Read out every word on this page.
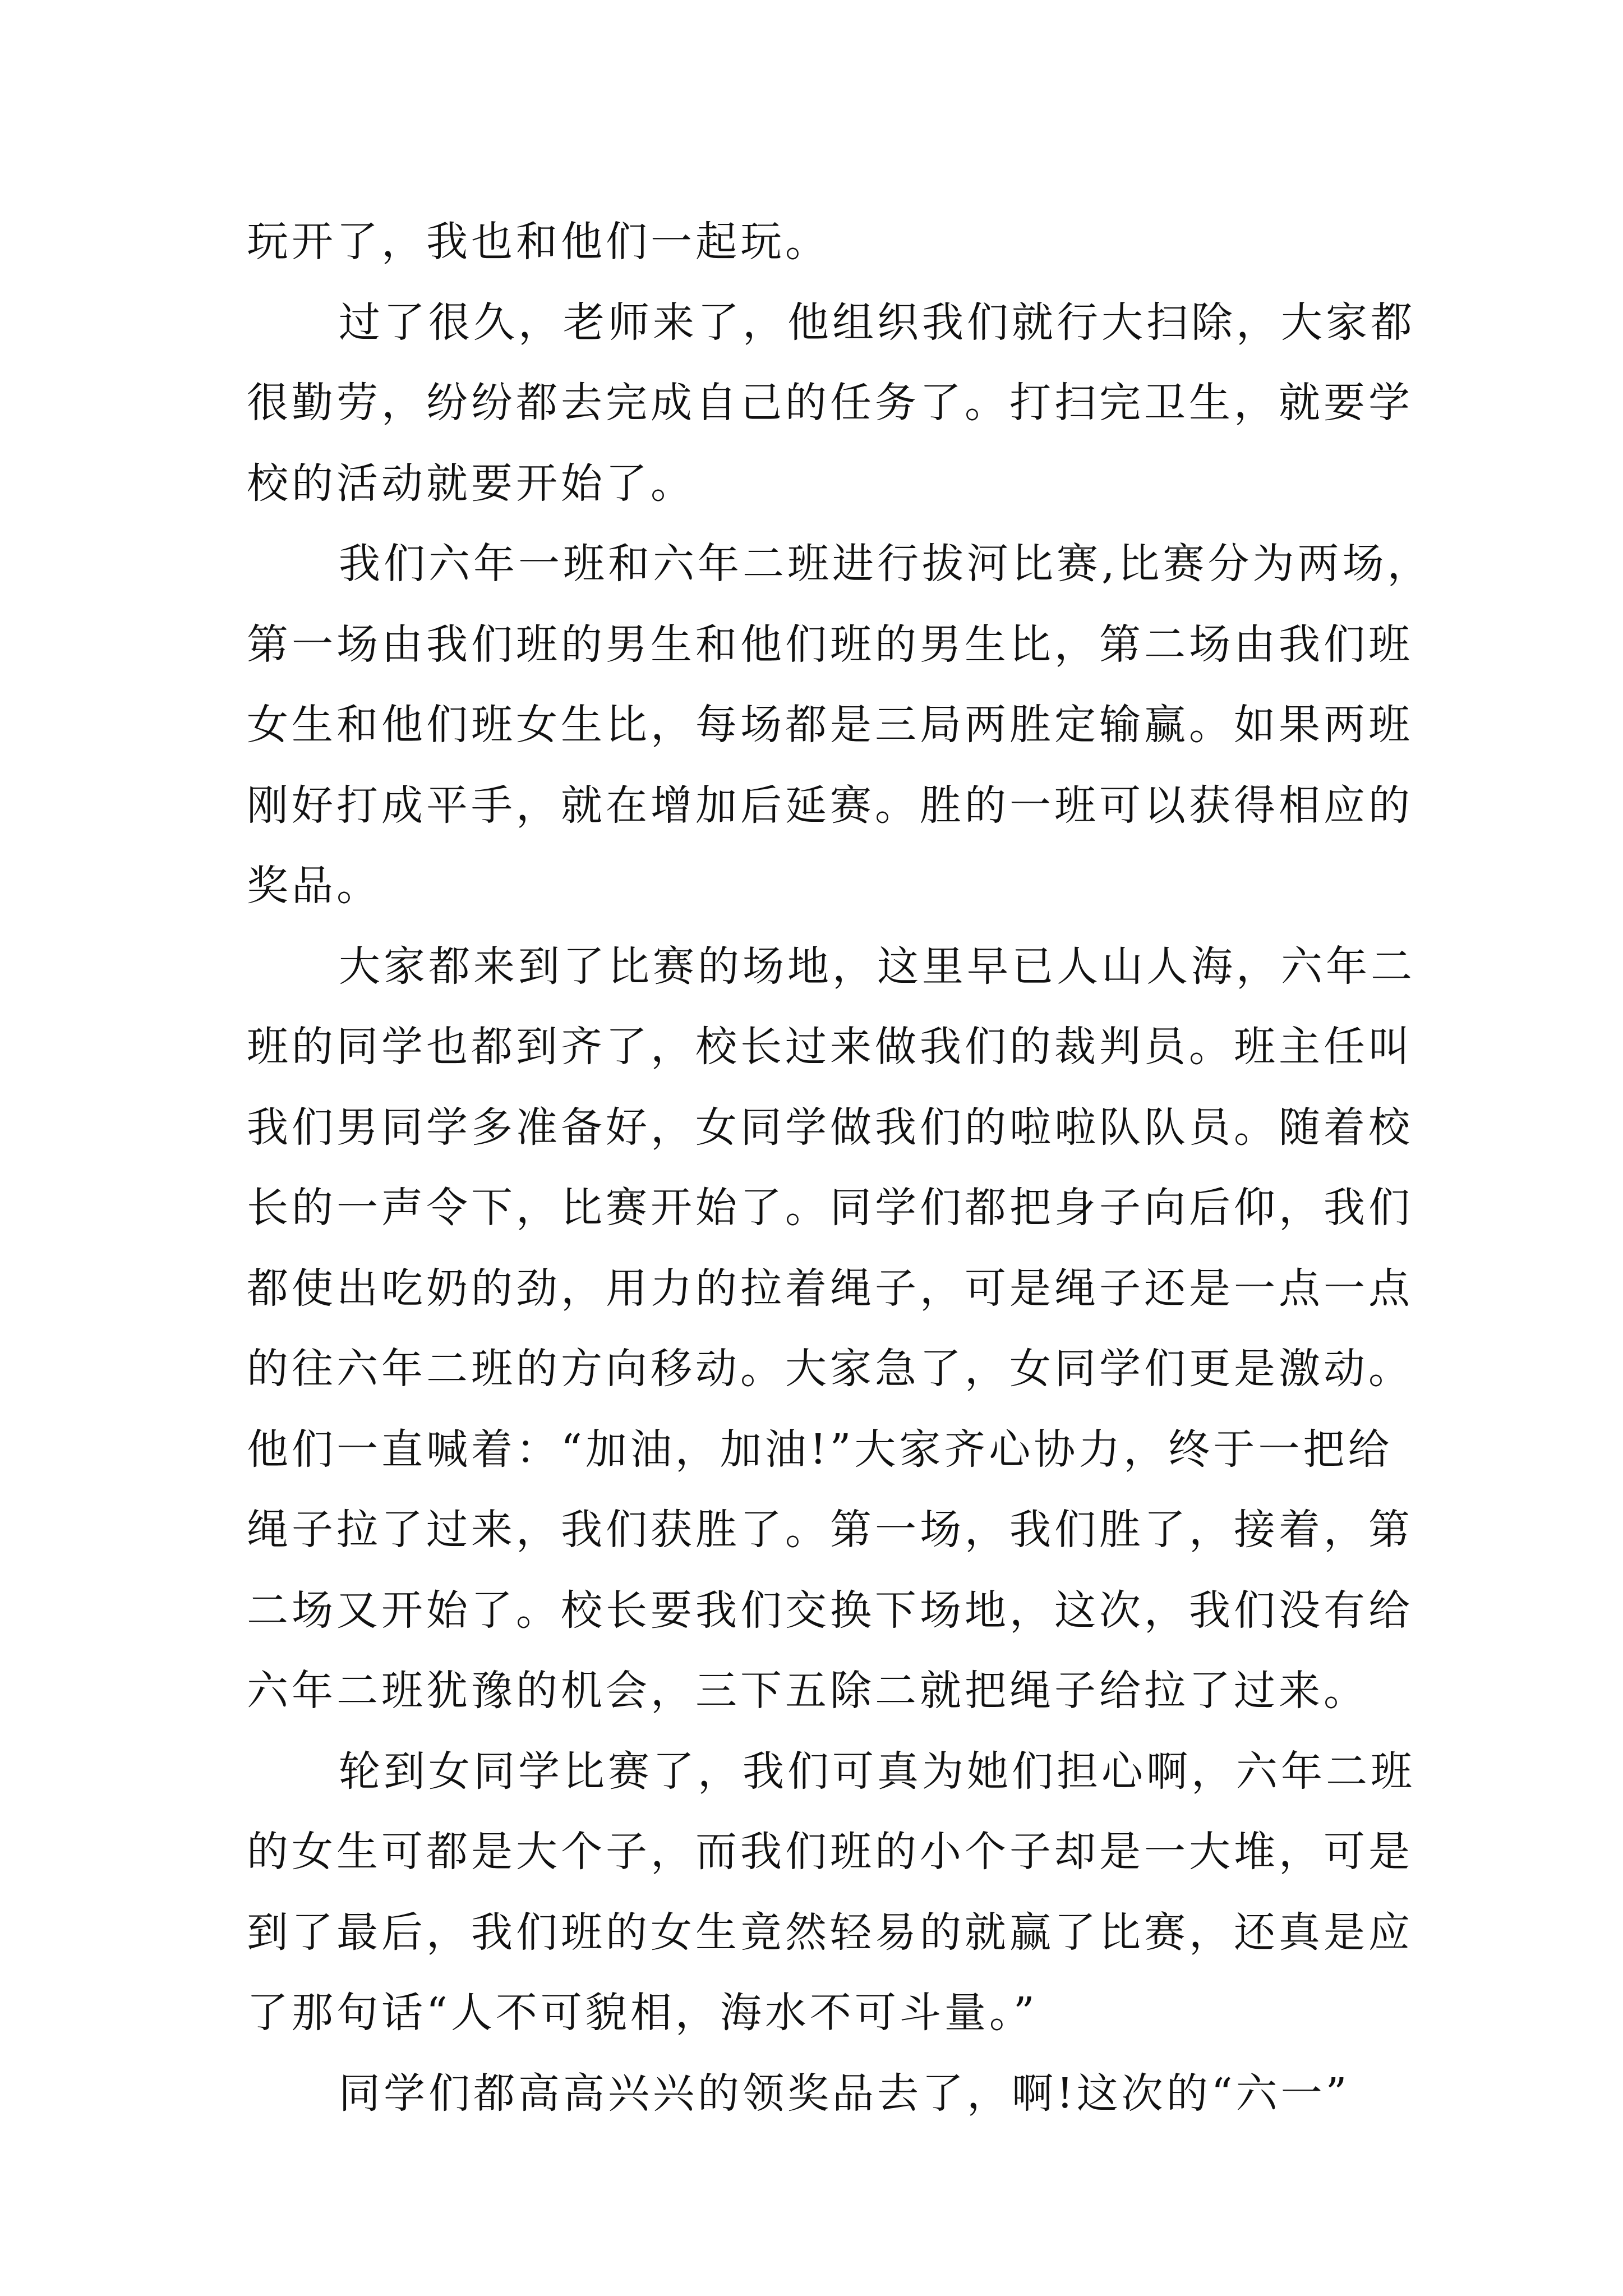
玩开了，我也和他们一起玩。
过了很久，老师来了，他组织我们就行大扫除，大家都
很勤劳，纷纷都去完成自己的任务了。打扫完卫生，就要学
校的活动就要开始了。
我们六年一班和六年二班进行拔河比赛,比赛分为两场，
第一场由我们班的男生和他们班的男生比，第二场由我们班
女生和他们班女生比，每场都是三局两胜定输赢。如果两班
刚好打成平手，就在增加后延赛。胜的一班可以获得相应的
奖品。
大家都来到了比赛的场地，这里早已人山人海，六年二
班的同学也都到齐了，校长过来做我们的裁判员。班主任叫
我们男同学多准备好，女同学做我们的啦啦队队员。随着校
长的一声令下，比赛开始了。同学们都把身子向后仰，我们
都使出吃奶的劲，用力的拉着绳子，可是绳子还是一点一点
的往六年二班的方向移动。大家急了，女同学们更是激动。
他们一直喊着：“加油，加油!”大家齐心协力，终于一把给
绳子拉了过来，我们获胜了。第一场，我们胜了，接着，第
二场又开始了。校长要我们交换下场地，这次，我们没有给
六年二班犹豫的机会，三下五除二就把绳子给拉了过来。
轮到女同学比赛了，我们可真为她们担心啊，六年二班
的女生可都是大个子，而我们班的小个子却是一大堆，可是
到了最后，我们班的女生竟然轻易的就赢了比赛，还真是应
了那句话“人不可貌相，海水不可斗量。”
同学们都高高兴兴的领奖品去了，啊!这次的“六一”
